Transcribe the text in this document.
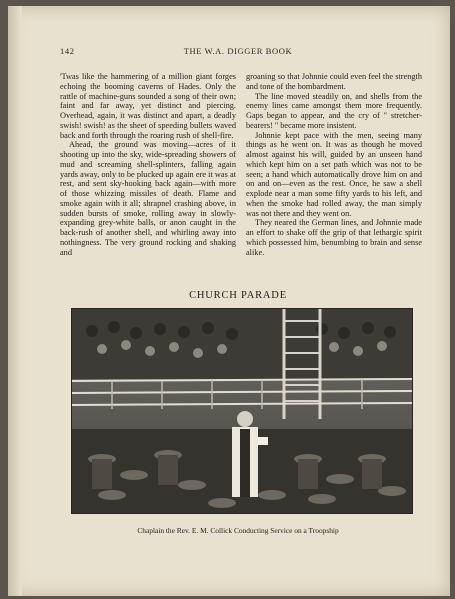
142	THE W.A. DIGGER BOOK

'Twas like the hammering of a million giant forges echoing the booming caverns of Hades. Only the rattle of machine-guns sounded a song of their own; faint and far away, yet distinct and piercing. Overhead, again, it was distinct and apart, a deadly swish! swish! as the sheet of speeding bullets waved back and forth through the roaring rush of shell-fire.

Ahead, the ground was moving—acres of it shooting up into the sky, wide-spreading showers of mud and screaming shell-splinters, falling again yards away, only to be plucked up again ere it was at rest, and sent sky-hooking back again—with more of those whizzing missiles of death. Flame and smoke again with it all; shrapnel crashing above, in sudden bursts of smoke, rolling away in slowly-expanding grey-white balls, or anon caught in the back-rush of another shell, and whirling away into nothingness. The very ground rocking and shaking and

groaning so that Johnnie could even feel the strength and tone of the bombardment.

The line moved steadily on, and shells from the enemy lines came amongst them more frequently. Gaps began to appear, and the cry of " stretcher-bearers! " became more insistent.

Johnnie kept pace with the men, seeing many things as he went on. It was as though he moved almost against his will, guided by an unseen hand which kept him on a set path which was not to be seen; a hand which automatically drove him on and on and on—even as the rest. Once, he saw a shell explode near a man some fifty yards to his left, and when the smoke had rolled away, the man simply was not there and they went on.

They neared the German lines, and Johnnie made an effort to shake off the grip of that lethargic spirit which possessed him, benumbing to brain and sense alike.

CHURCH PARADE
Chaplain the Rev. E. M. Collick Conducting Service on a Troopship
